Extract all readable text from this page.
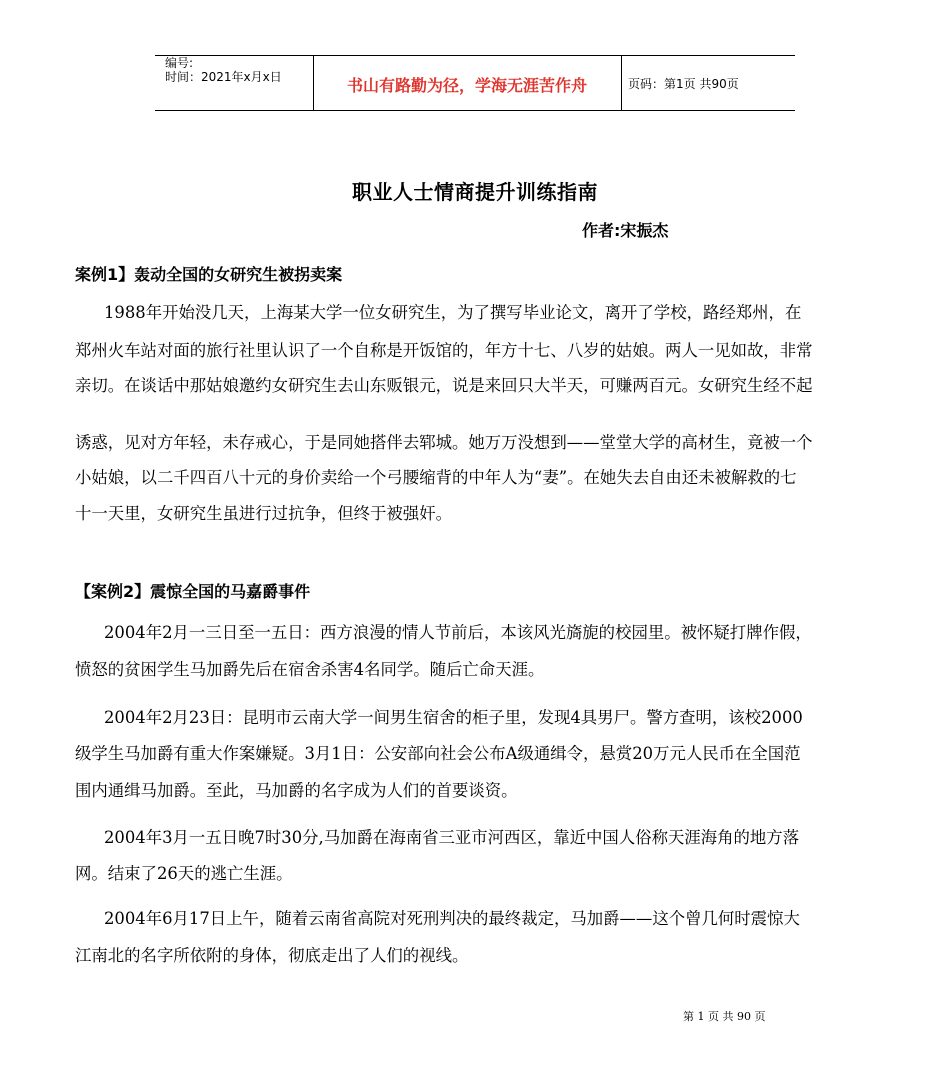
编号:
时间：2021年x月x日	书山有路勤为径，学海无涯苦作舟	页码：第1页 共90页
职业人士情商提升训练指南
作者:宋振杰
案例1】轰动全国的女研究生被拐卖案
1988年开始没几天，上海某大学一位女研究生，为了撰写毕业论文，离开了学校，路经郑州，在
郑州火车站对面的旅行社里认识了一个自称是开饭馆的，年方十七、八岁的姑娘。两人一见如故，非常
亲切。在谈话中那姑娘邀约女研究生去山东贩银元，说是来回只大半天，可赚两百元。女研究生经不起
诱惑，见对方年轻，未存戒心，于是同她搭伴去郓城。她万万没想到——堂堂大学的高材生，竟被一个
小姑娘，以二千四百八十元的身价卖给一个弓腰缩背的中年人为“妻”。在她失去自由还未被解救的七
十一天里，女研究生虽进行过抗争，但终于被强奸。
【案例2】震惊全国的马嘉爵事件
2004年2月一三日至一五日：西方浪漫的情人节前后，本该风光旖旎的校园里。被怀疑打牌作假，
愤怒的贫困学生马加爵先后在宿舍杀害4名同学。随后亡命天涯。
2004年2月23日：昆明市云南大学一间男生宿舍的柜子里，发现4具男尸。警方查明，该校2000
级学生马加爵有重大作案嫌疑。3月1日：公安部向社会公布A级通缉令，悬赏20万元人民币在全国范
围内通缉马加爵。至此，马加爵的名字成为人们的首要谈资。
2004年3月一五日晚7时30分,马加爵在海南省三亚市河西区，靠近中国人俗称天涯海角的地方落
网。结束了26天的逃亡生涯。
2004年6月17日上午，随着云南省高院对死刑判决的最终裁定，马加爵——这个曾几何时震惊大
江南北的名字所依附的身体，彻底走出了人们的视线。
第 1 页 共 90 页
